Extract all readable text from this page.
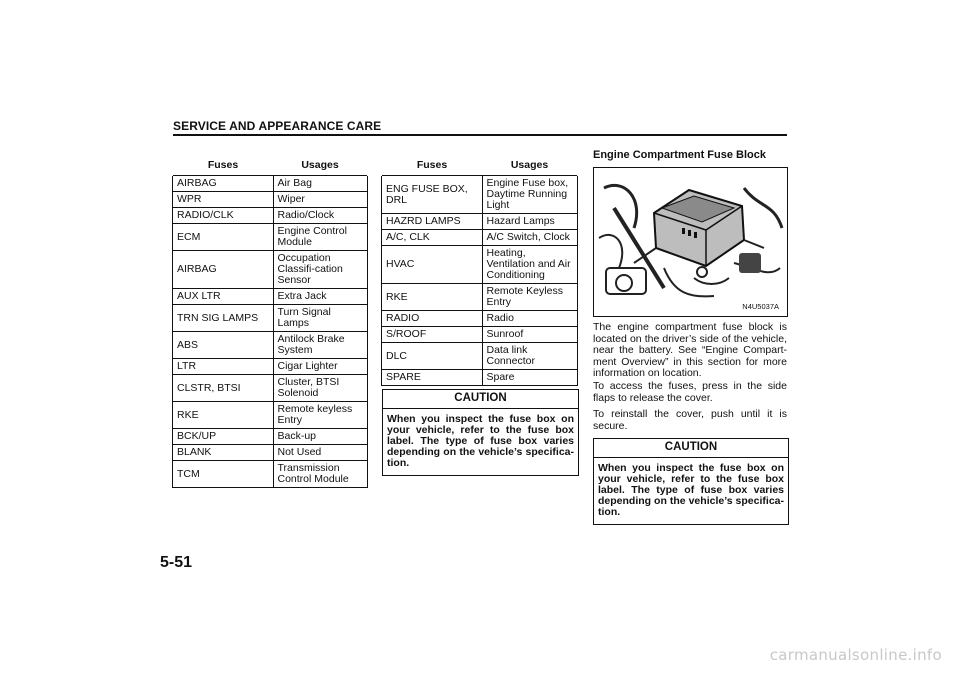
SERVICE AND APPEARANCE CARE
Fuses	Usages
AIRBAG	Air Bag
WPR	Wiper
RADIO/CLK	Radio/Clock
ECM	Engine Control Module
AIRBAG	Occupation Classifi-cation Sensor
AUX LTR	Extra Jack
TRN SIG LAMPS	Turn Signal Lamps
ABS	Antilock Brake System
LTR	Cigar Lighter
CLSTR, BTSI	Cluster, BTSI Solenoid
RKE	Remote keyless Entry
BCK/UP	Back-up
BLANK	Not Used
TCM	Transmission Control Module
Fuses	Usages
ENG FUSE BOX, DRL	Engine Fuse box, Daytime Running Light
HAZRD LAMPS	Hazard Lamps
A/C, CLK	A/C Switch, Clock
HVAC	Heating, Ventilation and Air Conditioning
RKE	Remote Keyless Entry
RADIO	Radio
S/ROOF	Sunroof
DLC	Data link Connector
SPARE	Spare
CAUTION
When you inspect the fuse box on your vehicle, refer to the fuse box label. The type of fuse box varies depending on the vehicle’s specifica-tion.
Engine Compartment Fuse Block
N4U5037A

The engine compartment fuse block is located on the driver’s side of the vehicle, near the battery. See “Engine Compart-ment Overview” in this section for more information on location.

To access the fuses, press in the side flaps to release the cover.

To reinstall the cover, push until it is secure.

CAUTION
When you inspect the fuse box on your vehicle, refer to the fuse box label. The type of fuse box varies depending on the vehicle’s specifica-tion.
5-51
carmanualsonline.info
